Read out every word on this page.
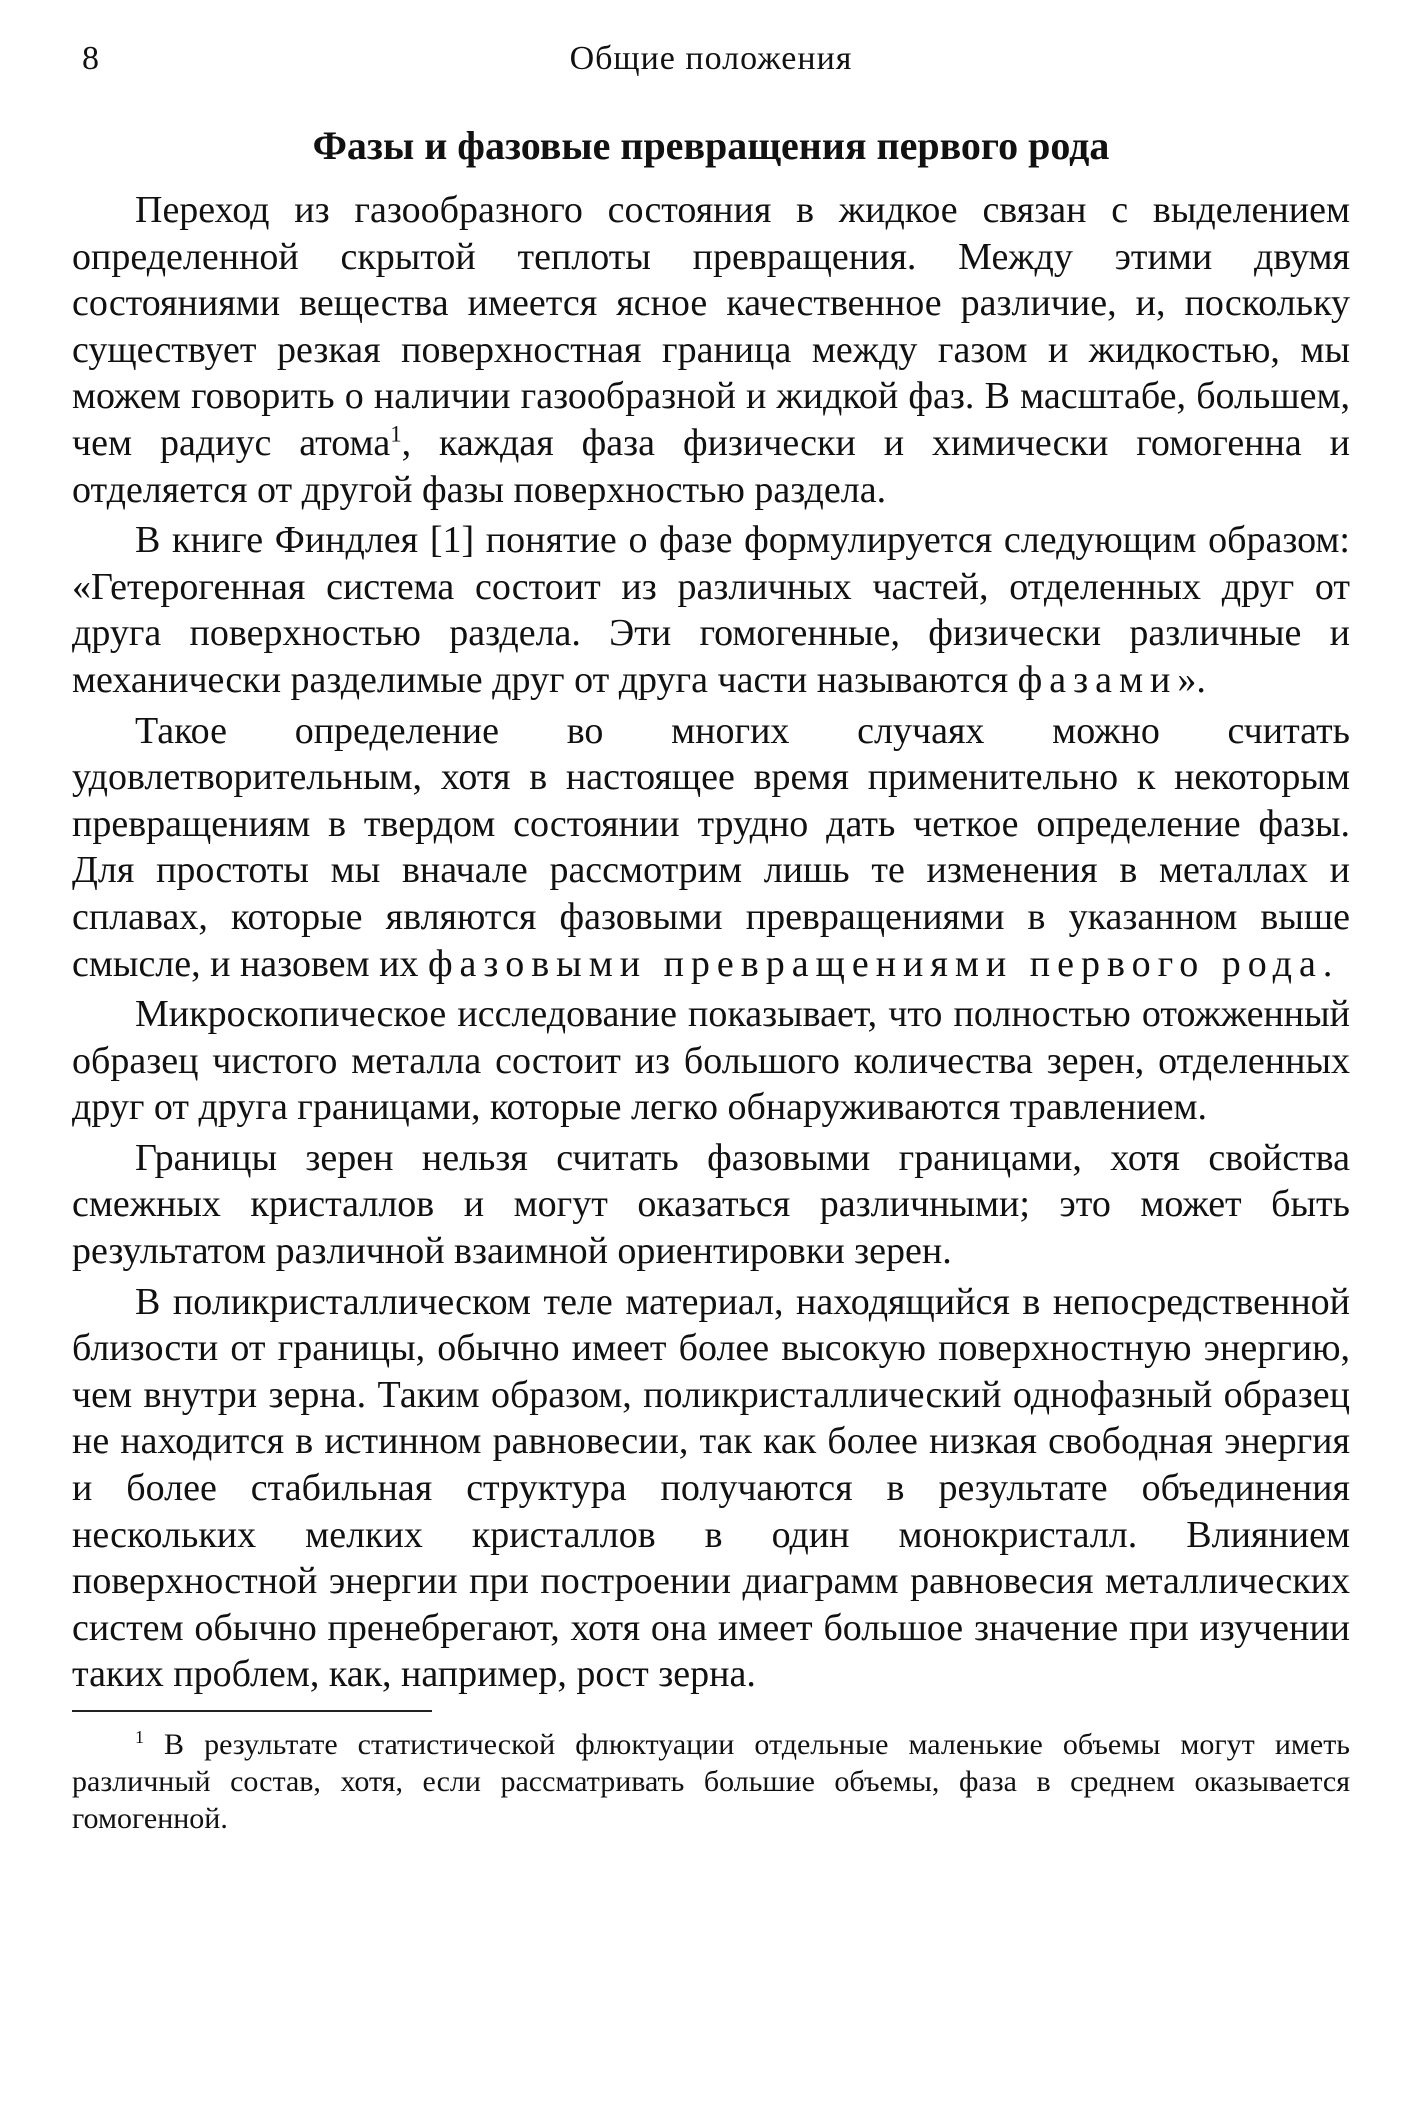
8	Общие положения
Фазы и фазовые превращения первого рода

Переход из газообразного состояния в жидкое связан с выделением определенной скрытой теплоты превращения. Между этими двумя состояниями вещества имеется ясное качественное различие, и, поскольку существует резкая поверхностная граница между газом и жидкостью, мы можем говорить о наличии газообразной и жидкой фаз. В масштабе, большем, чем радиус атома$^1$, каждая фаза физически и химически гомогенна и отделяется от другой фазы поверхностью раздела.

В книге Финдлея [1] понятие о фазе формулируется следующим образом: «Гетерогенная система состоит из различных частей, отделенных друг от друга поверхностью раздела. Эти гомогенные, физически различные и механически разделимые друг от друга части называются фазами».

Такое определение во многих случаях можно считать удовлетворительным, хотя в настоящее время применительно к некоторым превращениям в твердом состоянии трудно дать четкое определение фазы. Для простоты мы вначале рассмотрим лишь те изменения в металлах и сплавах, которые являются фазовыми превращениями в указанном выше смысле, и назовем их фазовыми превращениями первого рода.

Микроскопическое исследование показывает, что полностью отожженный образец чистого металла состоит из большого количества зерен, отделенных друг от друга границами, которые легко обнаруживаются травлением.

Границы зерен нельзя считать фазовыми границами, хотя свойства смежных кристаллов и могут оказаться различными; это может быть результатом различной взаимной ориентировки зерен.

В поликристаллическом теле материал, находящийся в непосредственной близости от границы, обычно имеет более высокую поверхностную энергию, чем внутри зерна. Таким образом, поликристаллический однофазный образец не находится в истинном равновесии, так как более низкая свободная энергия и более стабильная структура получаются в результате объединения нескольких мелких кристаллов в один монокристалл. Влиянием поверхностной энергии при построении диаграмм равновесия металлических систем обычно пренебрегают, хотя она имеет большое значение при изучении таких проблем, как, например, рост зерна.

$^1$ В результате статистической флюктуации отдельные маленькие объемы могут иметь различный состав, хотя, если рассматривать большие объемы, фаза в среднем оказывается гомогенной.
